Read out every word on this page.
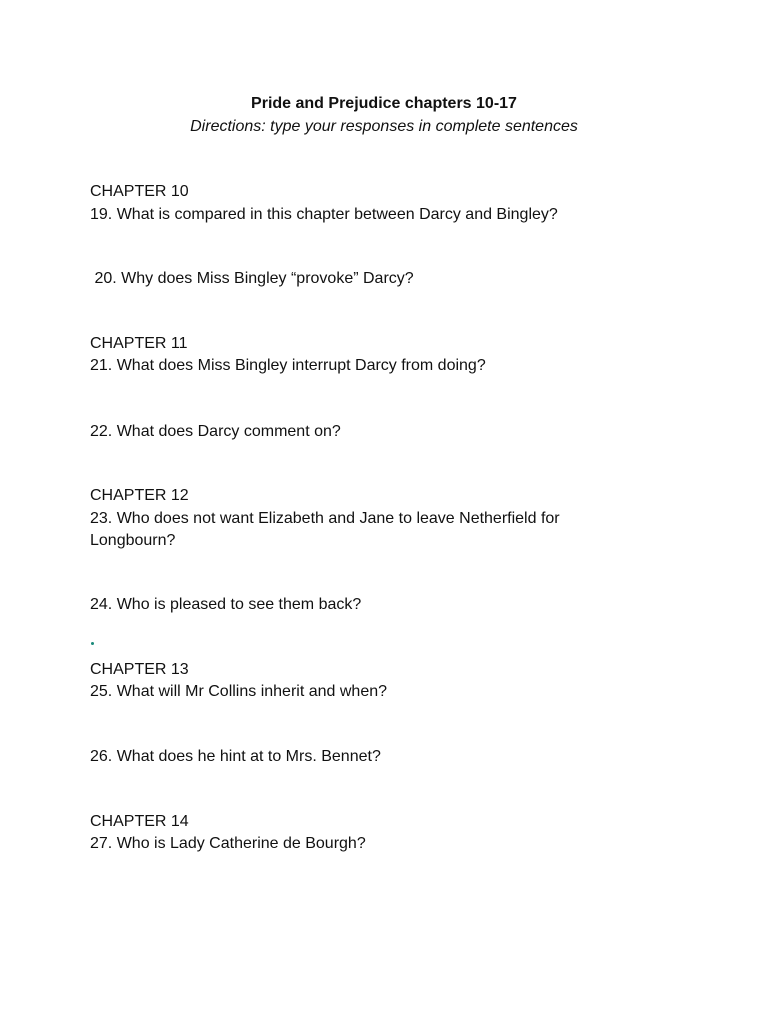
Pride and Prejudice chapters 10-17
Directions: type your responses in complete sentences

CHAPTER 10

19. What is compared in this chapter between Darcy and Bingley?

20. Why does Miss Bingley “provoke” Darcy?

CHAPTER 11

21. What does Miss Bingley interrupt Darcy from doing?

22. What does Darcy comment on?

CHAPTER 12

23. Who does not want Elizabeth and Jane to leave Netherfield for

Longbourn?

24. Who is pleased to see them back?

CHAPTER 13

25. What will Mr Collins inherit and when?

26. What does he hint at to Mrs. Bennet?

CHAPTER 14

27. Who is Lady Catherine de Bourgh?
